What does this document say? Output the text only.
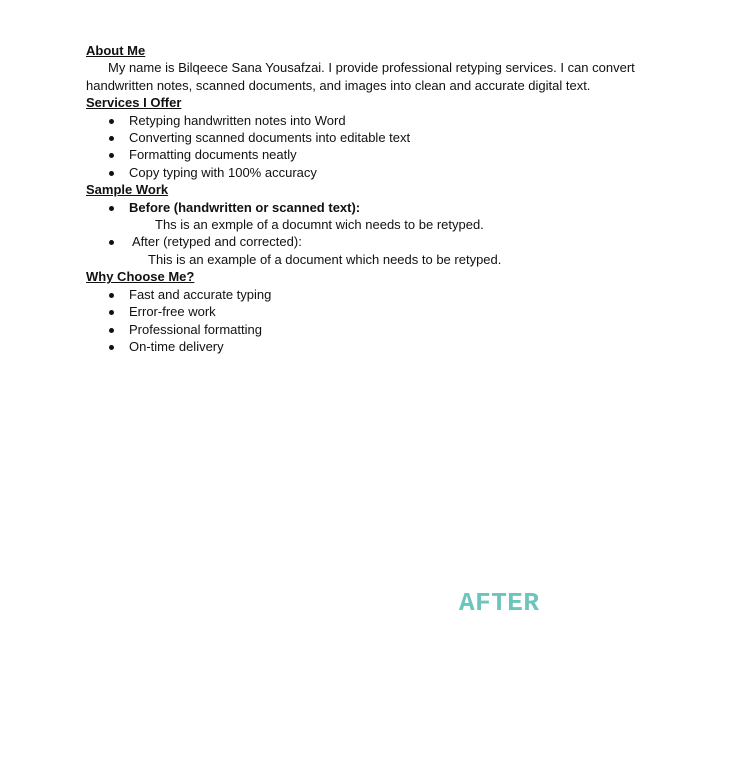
About Me

My name is Bilqeece Sana Yousafzai. I provide professional retyping services. I can convert handwritten notes, scanned documents, and images into clean and accurate digital text.

Services I Offer

Retyping handwritten notes into Word
Converting scanned documents into editable text
Formatting documents neatly
Copy typing with 100% accuracy

Sample Work

Before (handwritten or scanned text):

Ths is an exmple of a documnt wich needs to be retyped.

After (retyped and corrected):

This is an example of a document which needs to be retyped.

Why Choose Me?

Fast and accurate typing
Error-free work
Professional formatting
On-time delivery
AFTER
